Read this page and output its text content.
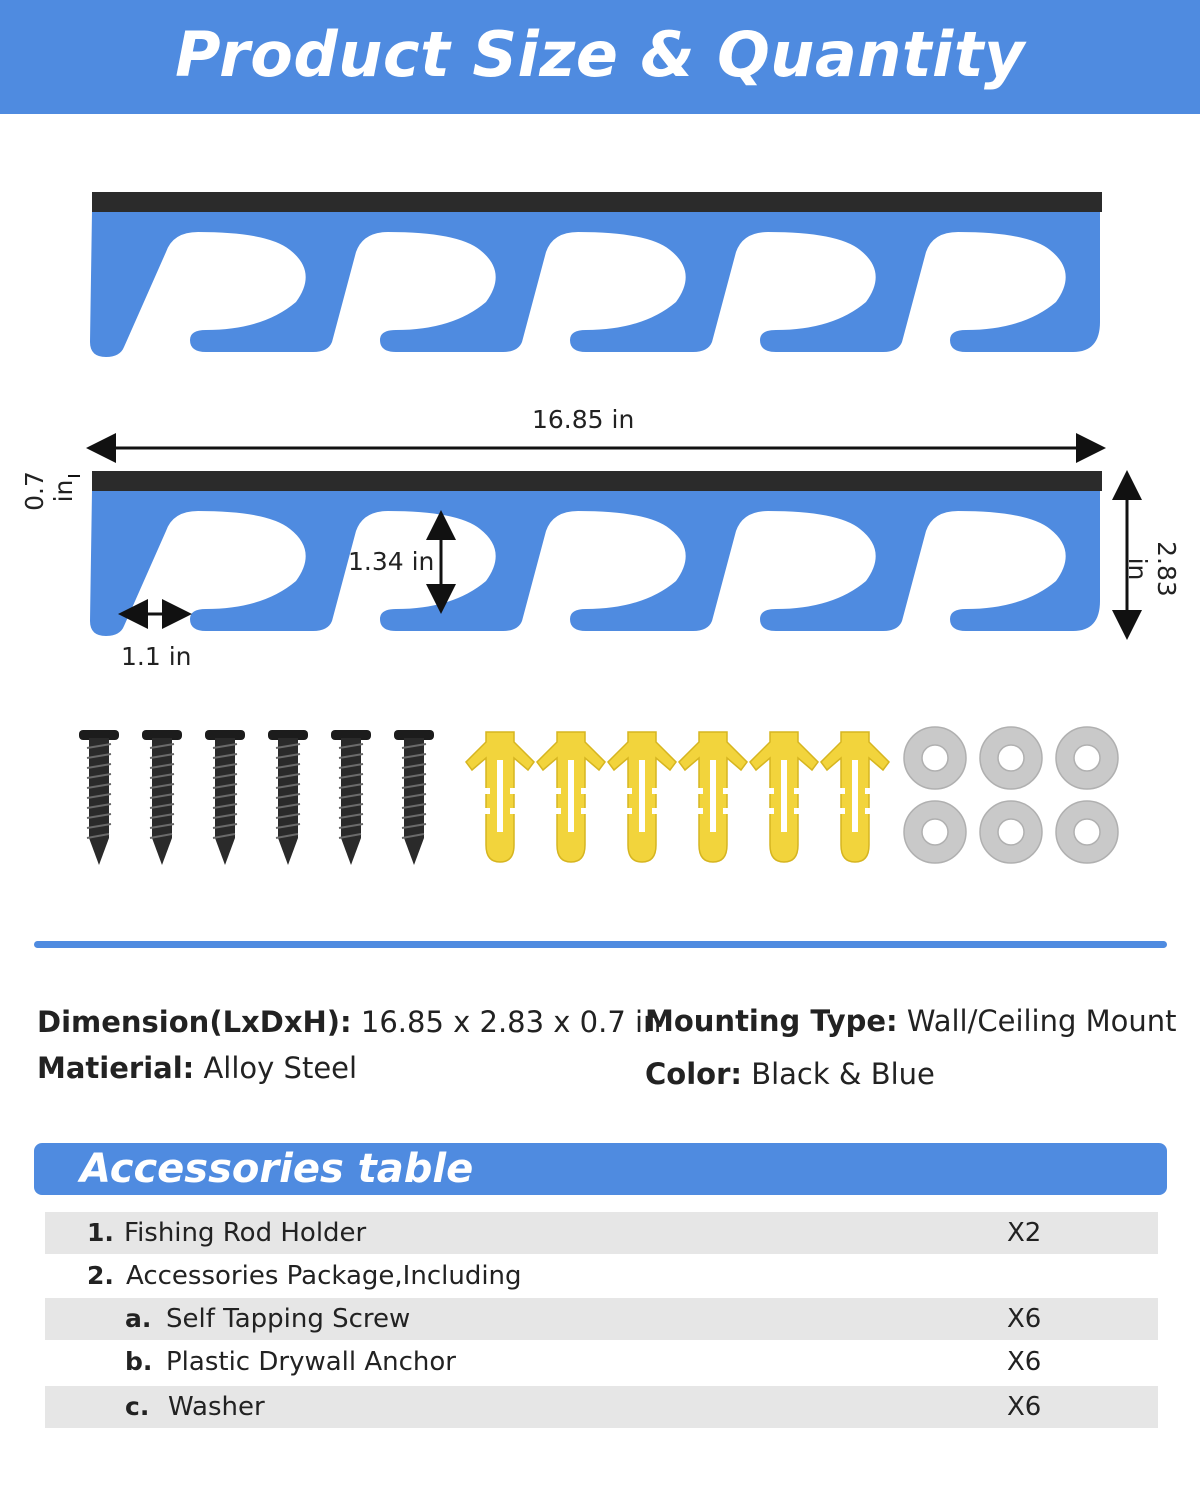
Product Size & Quantity
16.85 in
0.7 in
2.83 in
1.34 in
1.1 in
Dimension(LxDxH): 16.85 x 2.83 x 0.7 in
Matierial: Alloy Steel
Mounting Type: Wall/Ceiling Mount
Color: Black & Blue
Accessories table
1. Fishing Rod Holder	X2
2. Accessories Package,Including
a. Self Tapping Screw	X6
b. Plastic Drywall Anchor	X6
c. Washer	X6
